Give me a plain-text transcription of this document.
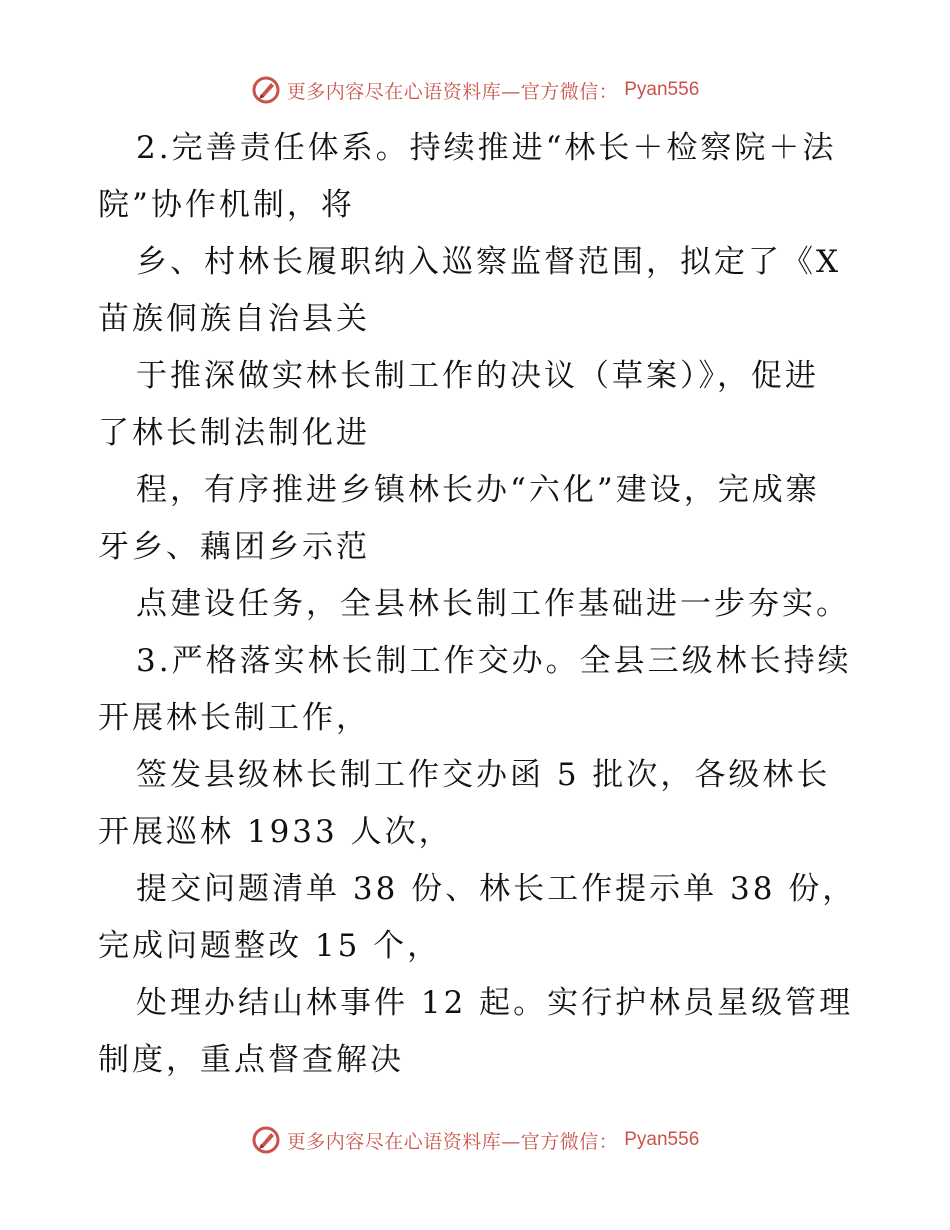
更多内容尽在心语资料库—官方微信： Pyan556
2.完善责任体系。持续推进“林长＋检察院＋法
院”协作机制，将
乡、村林长履职纳入巡察监督范围，拟定了《X
苗族侗族自治县关
于推深做实林长制工作的决议（草案）》，促进
了林长制法制化进
程，有序推进乡镇林长办“六化”建设，完成寨
牙乡、藕团乡示范
点建设任务，全县林长制工作基础进一步夯实。
3.严格落实林长制工作交办。全县三级林长持续
开展林长制工作，
签发县级林长制工作交办函 5 批次，各级林长
开展巡林 1933 人次，
提交问题清单 38 份、林长工作提示单 38 份，
完成问题整改 15 个，
处理办结山林事件 12 起。实行护林员星级管理
制度，重点督查解决
更多内容尽在心语资料库—官方微信： Pyan556
